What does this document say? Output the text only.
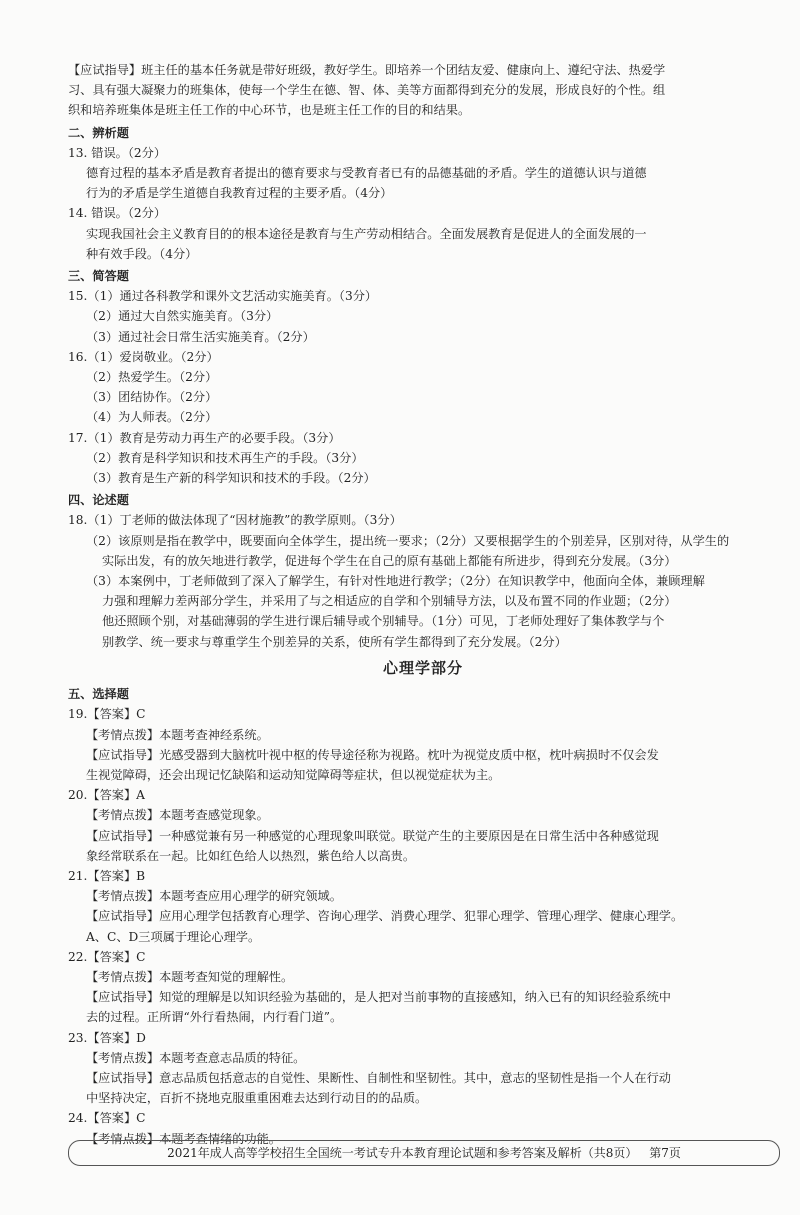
【应试指导】班主任的基本任务就是带好班级，教好学生。即培养一个团结友爱、健康向上、遵纪守法、热爱学
习、具有强大凝聚力的班集体，使每一个学生在德、智、体、美等方面都得到充分的发展，形成良好的个性。组
织和培养班集体是班主任工作的中心环节，也是班主任工作的目的和结果。
二、辨析题
13. 错误。（2分）
德育过程的基本矛盾是教育者提出的德育要求与受教育者已有的品德基础的矛盾。学生的道德认识与道德
行为的矛盾是学生道德自我教育过程的主要矛盾。（4分）
14. 错误。（2分）
实现我国社会主义教育目的的根本途径是教育与生产劳动相结合。全面发展教育是促进人的全面发展的一
种有效手段。（4分）
三、简答题
15.（1）通过各科教学和课外文艺活动实施美育。（3分）
（2）通过大自然实施美育。（3分）
（3）通过社会日常生活实施美育。（2分）
16.（1）爱岗敬业。（2分）
（2）热爱学生。（2分）
（3）团结协作。（2分）
（4）为人师表。（2分）
17.（1）教育是劳动力再生产的必要手段。（3分）
（2）教育是科学知识和技术再生产的手段。（3分）
（3）教育是生产新的科学知识和技术的手段。（2分）
四、论述题
18.（1）丁老师的做法体现了“因材施教”的教学原则。（3分）
（2）该原则是指在教学中，既要面向全体学生，提出统一要求；（2分）又要根据学生的个别差异，区别对待，从学生的
实际出发，有的放矢地进行教学，促进每个学生在自己的原有基础上都能有所进步，得到充分发展。（3分）
（3）本案例中，丁老师做到了深入了解学生，有针对性地进行教学；（2分）在知识教学中，他面向全体，兼顾理解
力强和理解力差两部分学生，并采用了与之相适应的自学和个别辅导方法，以及布置不同的作业题；（2分）
他还照顾个别，对基础薄弱的学生进行课后辅导或个别辅导。（1分）可见，丁老师处理好了集体教学与个
别教学、统一要求与尊重学生个别差异的关系，使所有学生都得到了充分发展。（2分）
心理学部分
五、选择题
19.【答案】C
【考情点拨】本题考查神经系统。
【应试指导】光感受器到大脑枕叶视中枢的传导途径称为视路。枕叶为视觉皮质中枢，枕叶病损时不仅会发
生视觉障碍，还会出现记忆缺陷和运动知觉障碍等症状，但以视觉症状为主。
20.【答案】A
【考情点拨】本题考查感觉现象。
【应试指导】一种感觉兼有另一种感觉的心理现象叫联觉。联觉产生的主要原因是在日常生活中各种感觉现
象经常联系在一起。比如红色给人以热烈，紫色给人以高贵。
21.【答案】B
【考情点拨】本题考查应用心理学的研究领域。
【应试指导】应用心理学包括教育心理学、咨询心理学、消费心理学、犯罪心理学、管理心理学、健康心理学。
A、C、D三项属于理论心理学。
22.【答案】C
【考情点拨】本题考查知觉的理解性。
【应试指导】知觉的理解是以知识经验为基础的，是人把对当前事物的直接感知，纳入已有的知识经验系统中
去的过程。正所谓“外行看热闹，内行看门道”。
23.【答案】D
【考情点拨】本题考查意志品质的特征。
【应试指导】意志品质包括意志的自觉性、果断性、自制性和坚韧性。其中，意志的坚韧性是指一个人在行动
中坚持决定，百折不挠地克服重重困难去达到行动目的的品质。
24.【答案】C
【考情点拨】本题考查情绪的功能。
2021年成人高等学校招生全国统一考试专升本教育理论试题和参考答案及解析（共8页） 第7页
